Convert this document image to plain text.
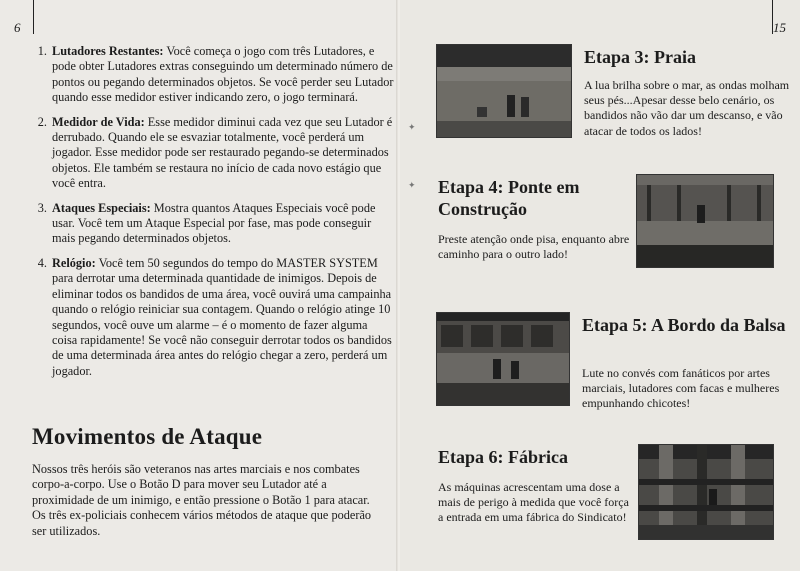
6
1. Lutadores Restantes: Você começa o jogo com três Lutadores, e pode obter Lutadores extras conseguindo um determinado número de pontos ou pegando determinados objetos. Se você perder seu Lutador quando esse medidor estiver indicando zero, o jogo terminará.
2. Medidor de Vida: Esse medidor diminui cada vez que seu Lutador é derrubado. Quando ele se esvaziar totalmente, você perderá um jogador. Esse medidor pode ser restaurado pegando-se determinados objetos. Ele também se restaura no início de cada novo estágio que você entra.
3. Ataques Especiais: Mostra quantos Ataques Especiais você pode usar. Você tem um Ataque Especial por fase, mas pode conseguir mais pegando determinados objetos.
4. Relógio: Você tem 50 segundos do tempo do MASTER SYSTEM para derrotar uma determinada quantidade de inimigos. Depois de eliminar todos os bandidos de uma área, você ouvirá uma campainha quando o relógio reiniciar sua contagem. Quando o relógio atinge 10 segundos, você ouve um alarme – é o momento de fazer alguma coisa rapidamente! Se você não conseguir derrotar todos os bandidos de uma determinada área antes do relógio chegar a zero, perderá um jogador.
Movimentos de Ataque
Nossos três heróis são veteranos nas artes marciais e nos combates corpo-a-corpo. Use o Botão D para mover seu Lutador até a proximidade de um inimigo, e então pressione o Botão 1 para atacar. Os três ex-policiais conhecem vários métodos de ataque que poderão ser utilizados.
15
Etapa 3: Praia
A lua brilha sobre o mar, as ondas molham seus pés...Apesar desse belo cenário, os bandidos não vão dar um descanso, e vão atacar de todos os lados!
Etapa 4: Ponte em Construção
Preste atenção onde pisa, enquanto abre caminho para o outro lado!
Etapa 5: A Bordo da Balsa
Lute no convés com fanáticos por artes marciais, lutadores com facas e mulheres empunhando chicotes!
Etapa 6: Fábrica
As máquinas acrescentam uma dose a mais de perigo à medida que você força a entrada em uma fábrica do Sindicato!
✦
✦
